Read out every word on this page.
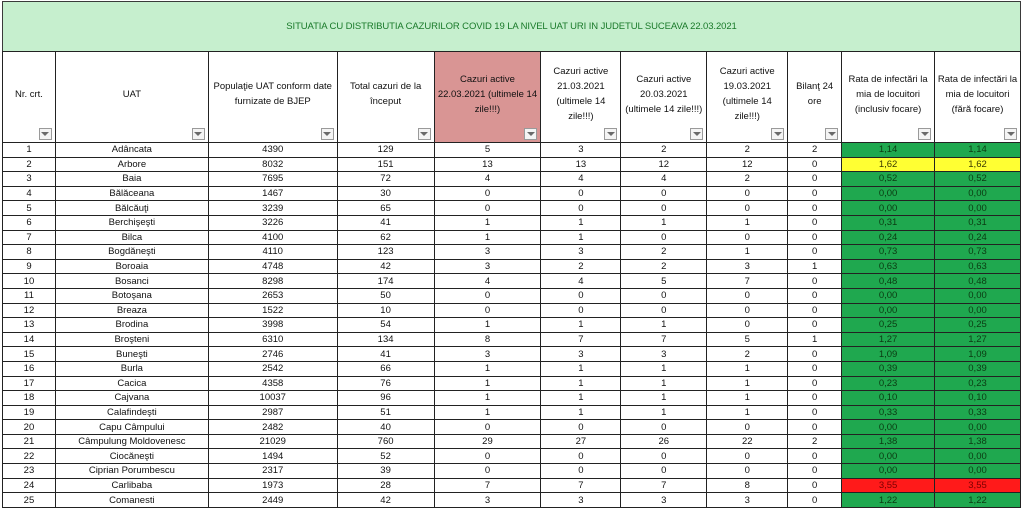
SITUATIA CU DISTRIBUTIA CAZURILOR COVID 19 LA NIVEL UAT URI IN JUDETUL SUCEAVA 22.03.2021
Nr. crt.	UAT	Populaţie UAT conform date furnizate de BJEP	Total cazuri de la început	Cazuri active 22.03.2021 (ultimele 14 zile!!!)	Cazuri active 21.03.2021 (ultimele 14 zile!!!)	Cazuri active 20.03.2021 (ultimele 14 zile!!!)	Cazuri active 19.03.2021 (ultimele 14 zile!!!)	Bilanţ 24 ore	Rata de infectări la mia de locuitori (inclusiv focare)	Rata de infectări la mia de locuitori (fără focare)

1	Adâncata	4390	129	5	3	2	2	2	1,14	1,14
2	Arbore	8032	151	13	13	12	12	0	1,62	1,62
3	Baia	7695	72	4	4	4	2	0	0,52	0,52
4	Bălăceana	1467	30	0	0	0	0	0	0,00	0,00
5	Bălcăuţi	3239	65	0	0	0	0	0	0,00	0,00
6	Berchişeşti	3226	41	1	1	1	1	0	0,31	0,31
7	Bilca	4100	62	1	1	0	0	0	0,24	0,24
8	Bogdăneşti	4110	123	3	3	2	1	0	0,73	0,73
9	Boroaia	4748	42	3	2	2	3	1	0,63	0,63
10	Bosanci	8298	174	4	4	5	7	0	0,48	0,48
11	Botoşana	2653	50	0	0	0	0	0	0,00	0,00
12	Breaza	1522	10	0	0	0	0	0	0,00	0,00
13	Brodina	3998	54	1	1	1	0	0	0,25	0,25
14	Broşteni	6310	134	8	7	7	5	1	1,27	1,27
15	Buneşti	2746	41	3	3	3	2	0	1,09	1,09
16	Burla	2542	66	1	1	1	1	0	0,39	0,39
17	Cacica	4358	76	1	1	1	1	0	0,23	0,23
18	Cajvana	10037	96	1	1	1	1	0	0,10	0,10
19	Calafindeşti	2987	51	1	1	1	1	0	0,33	0,33
20	Capu Câmpului	2482	40	0	0	0	0	0	0,00	0,00
21	Câmpulung Moldovenesc	21029	760	29	27	26	22	2	1,38	1,38
22	Ciocăneşti	1494	52	0	0	0	0	0	0,00	0,00
23	Ciprian Porumbescu	2317	39	0	0	0	0	0	0,00	0,00
24	Carlibaba	1973	28	7	7	7	8	0	3,55	3,55
25	Comanesti	2449	42	3	3	3	3	0	1,22	1,22
